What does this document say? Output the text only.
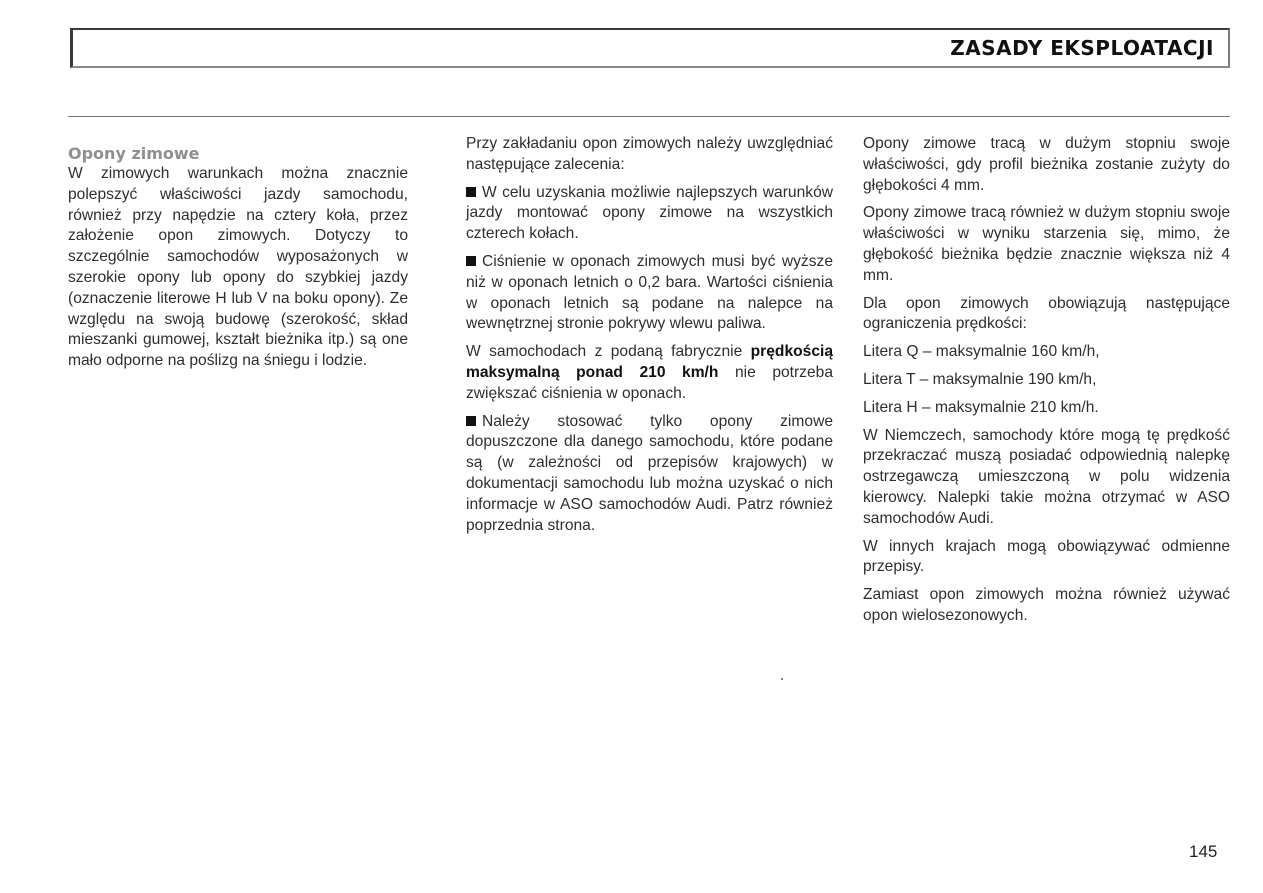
ZASADY EKSPLOATACJI
Opony zimowe

W zimowych warunkach można znacznie polepszyć właściwości jazdy samochodu, również przy napędzie na cztery koła, przez założenie opon zimowych. Dotyczy to szczególnie samochodów wyposażonych w szerokie opony lub opony do szybkiej jazdy (oznaczenie literowe H lub V na boku opony). Ze względu na swoją budowę (szerokość, skład mieszanki gumowej, kształt bieżnika itp.) są one mało odporne na poślizg na śniegu i lodzie.

Przy zakładaniu opon zimowych należy uwzględniać następujące zalecenia:

W celu uzyskania możliwie najlepszych warunków jazdy montować opony zimowe na wszystkich czterech kołach.

Ciśnienie w oponach zimowych musi być wyższe niż w oponach letnich o 0,2 bara. Wartości ciśnienia w oponach letnich są podane na nalepce na wewnętrznej stronie pokrywy wlewu paliwa.

W samochodach z podaną fabrycznie prędkością maksymalną ponad 210 km/h nie potrzeba zwiększać ciśnienia w oponach.

Należy stosować tylko opony zimowe dopuszczone dla danego samochodu, które podane są (w zależności od przepisów krajowych) w dokumentacji samochodu lub można uzyskać o nich informacje w ASO samochodów Audi. Patrz również poprzednia strona.

Opony zimowe tracą w dużym stopniu swoje właściwości, gdy profil bieżnika zostanie zużyty do głębokości 4 mm.

Opony zimowe tracą również w dużym stopniu swoje właściwości w wyniku starzenia się, mimo, że głębokość bieżnika będzie znacznie większa niż 4 mm.

Dla opon zimowych obowiązują następujące ograniczenia prędkości:

Litera Q – maksymalnie 160 km/h,

Litera T – maksymalnie 190 km/h,

Litera H – maksymalnie 210 km/h.

W Niemczech, samochody które mogą tę prędkość przekraczać muszą posiadać odpowiednią nalepkę ostrzegawczą umieszczoną w polu widzenia kierowcy. Nalepki takie można otrzymać w ASO samochodów Audi.

W innych krajach mogą obowiązywać odmienne przepisy.

Zamiast opon zimowych można również używać opon wielosezonowych.

145
